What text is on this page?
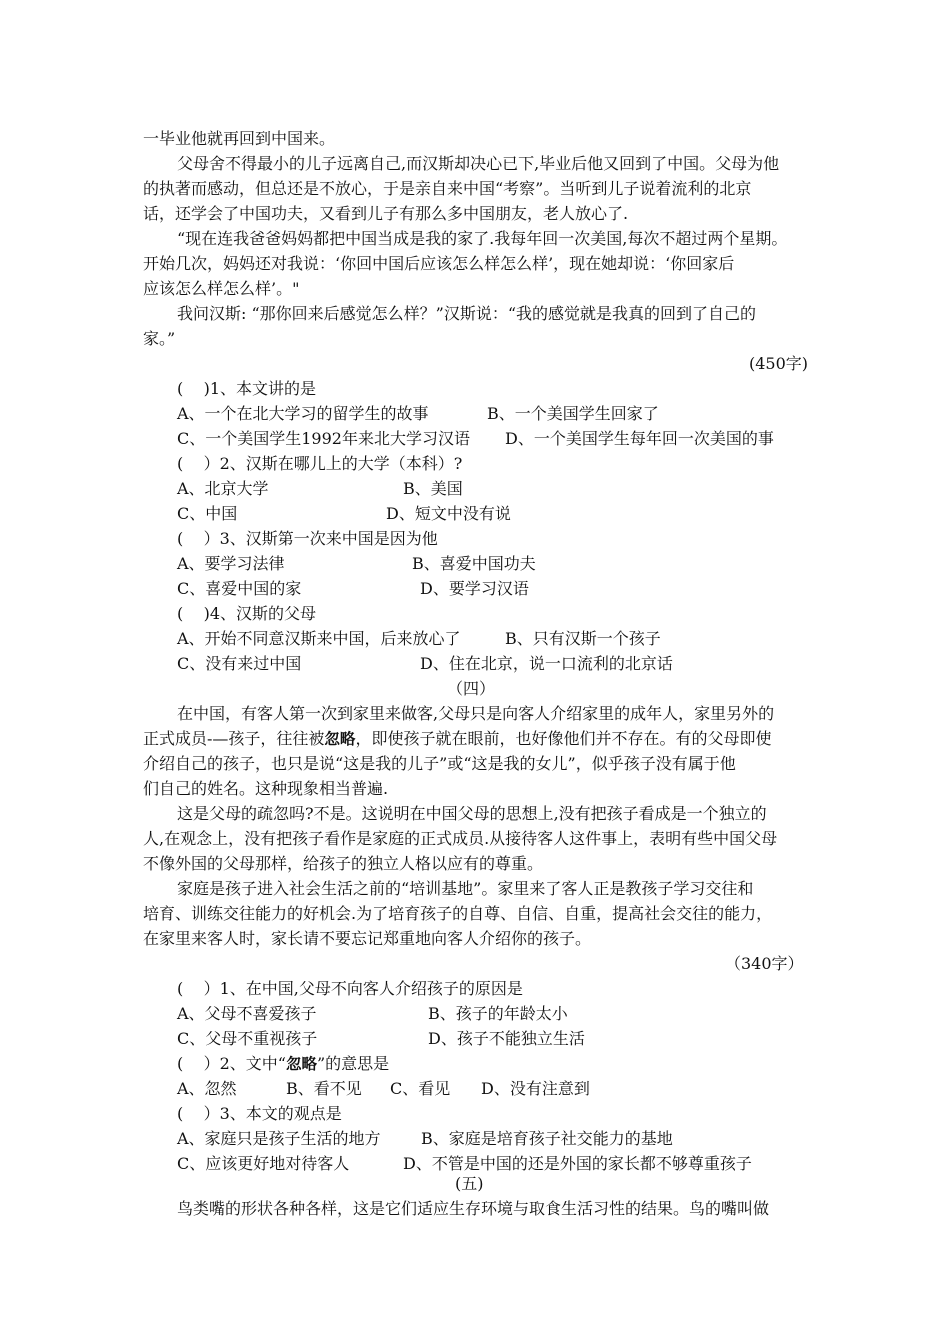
一毕业他就再回到中国来。
父母舍不得最小的儿子远离自己,而汉斯却决心已下,毕业后他又回到了中国。父母为他
的执著而感动，但总还是不放心，于是亲自来中国“考察”。当听到儿子说着流利的北京
话，还学会了中国功夫，又看到儿子有那么多中国朋友，老人放心了.
“现在连我爸爸妈妈都把中国当成是我的家了.我每年回一次美国,每次不超过两个星期。
开始几次，妈妈还对我说：‘你回中国后应该怎么样怎么样’，现在她却说：‘你回家后
应该怎么样怎么样’。"
我问汉斯: “那你回来后感觉怎么样？”汉斯说：“我的感觉就是我真的回到了自己的
家。”
(450字)
(    )1、本文讲的是
A、一个在北大学习的留学生的故事	B、一个美国学生回家了
C、一个美国学生1992年来北大学习汉语 D、一个美国学生每年回一次美国的事
(    ）2、汉斯在哪儿上的大学（本科）?
A、北京大学	B、美国
C、中国	D、短文中没有说
(    ）3、汉斯第一次来中国是因为他
A、要学习法律	B、喜爱中国功夫
C、喜爱中国的家	D、要学习汉语
(    )4、汉斯的父母
A、开始不同意汉斯来中国，后来放心了	B、只有汉斯一个孩子
C、没有来过中国	D、住在北京，说一口流利的北京话
（四）
在中国，有客人第一次到家里来做客,父母只是向客人介绍家里的成年人，家里另外的
正式成员-—孩子，往往被忽略，即使孩子就在眼前，也好像他们并不存在。有的父母即使
介绍自己的孩子，也只是说“这是我的儿子”或“这是我的女儿”，似乎孩子没有属于他
们自己的姓名。这种现象相当普遍.
这是父母的疏忽吗?不是。这说明在中国父母的思想上,没有把孩子看成是一个独立的
人,在观念上，没有把孩子看作是家庭的正式成员.从接待客人这件事上，表明有些中国父母
不像外国的父母那样，给孩子的独立人格以应有的尊重。
家庭是孩子进入社会生活之前的“培训基地”。家里来了客人正是教孩子学习交往和
培育、训练交往能力的好机会.为了培育孩子的自尊、自信、自重，提高社会交往的能力，
在家里来客人时，家长请不要忘记郑重地向客人介绍你的孩子。
（340字）
(    ）1、在中国,父母不向客人介绍孩子的原因是
A、父母不喜爱孩子	B、孩子的年龄太小
C、父母不重视孩子	D、孩子不能独立生活
(    ）2、文中“忽略”的意思是
A、忽然	B、看不见 C、看见 D、没有注意到
(    ）3、本文的观点是
A、家庭只是孩子生活的地方	B、家庭是培育孩子社交能力的基地
C、应该更好地对待客人	D、不管是中国的还是外国的家长都不够尊重孩子
(五)
鸟类嘴的形状各种各样，这是它们适应生存环境与取食生活习性的结果。鸟的嘴叫做
